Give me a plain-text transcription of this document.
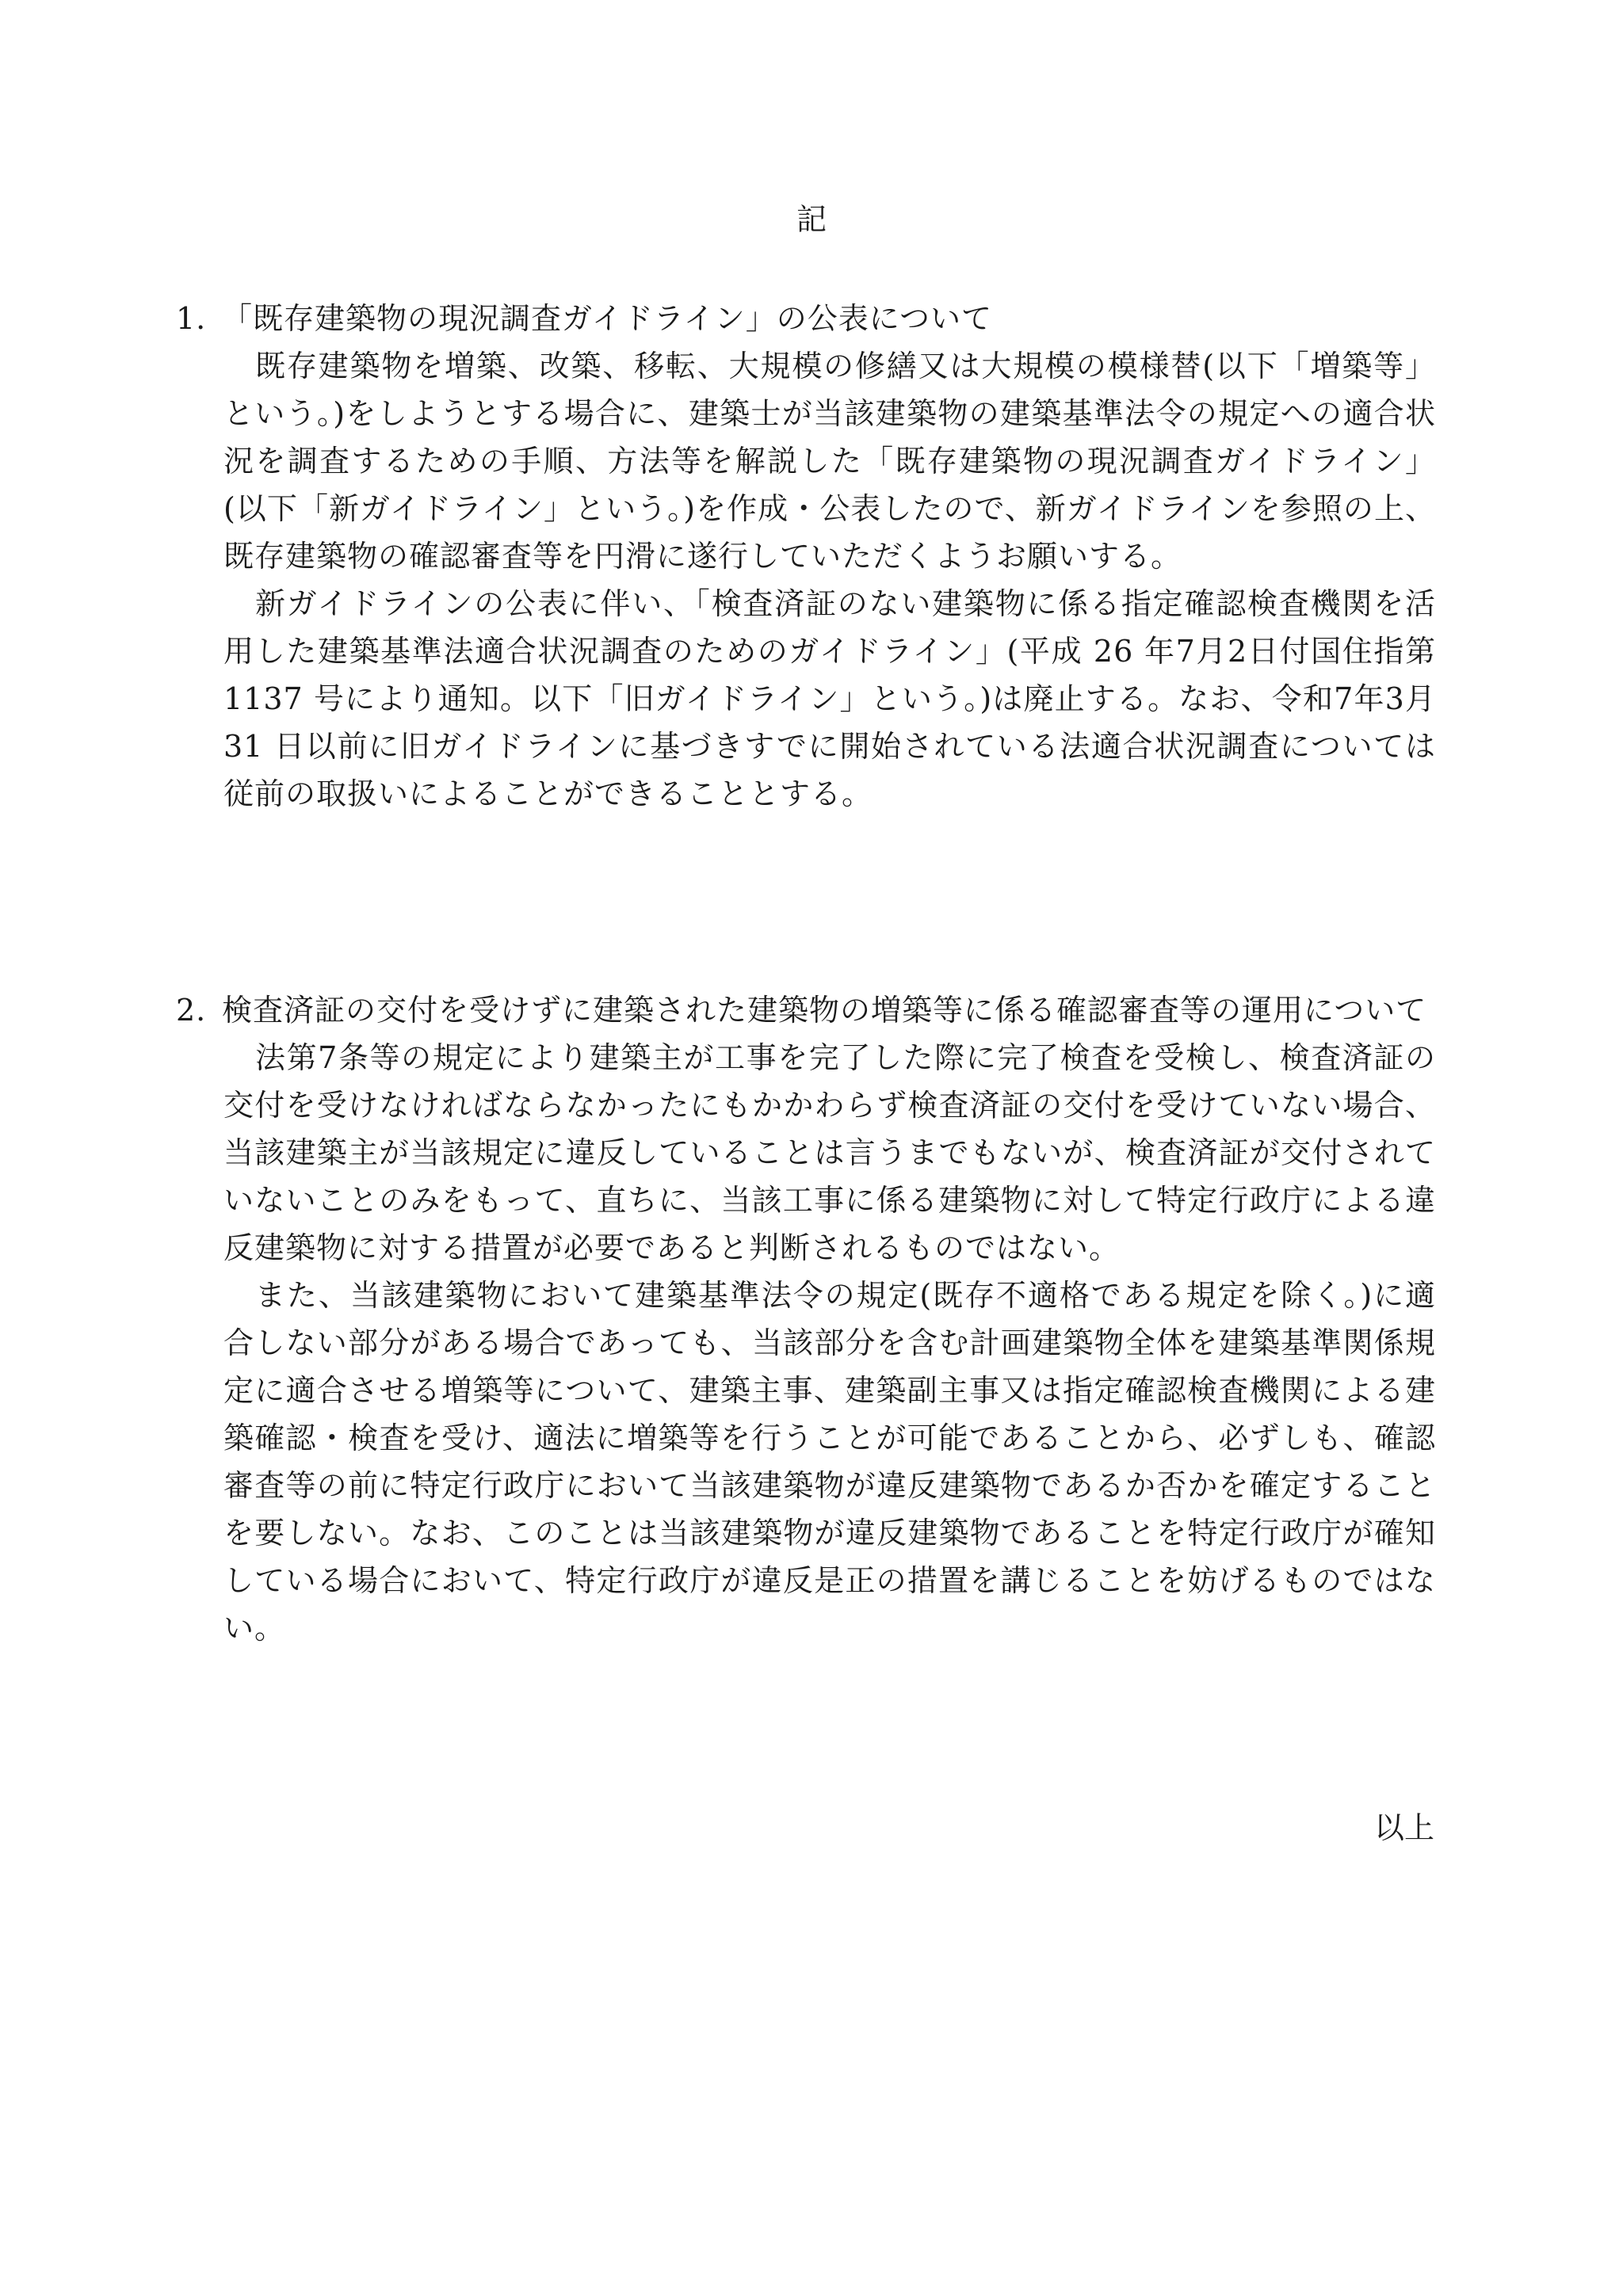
記
1. 「既存建築物の現況調査ガイドライン」の公表について

既存建築物を増築、改築、移転、大規模の修繕又は大規模の模様替(以下「増築等」という。)をしようとする場合に、建築士が当該建築物の建築基準法令の規定への適合状況を調査するための手順、方法等を解説した「既存建築物の現況調査ガイドライン」(以下「新ガイドライン」という。)を作成・公表したので、新ガイドラインを参照の上、既存建築物の確認審査等を円滑に遂行していただくようお願いする。

新ガイドラインの公表に伴い、「検査済証のない建築物に係る指定確認検査機関を活用した建築基準法適合状況調査のためのガイドライン」(平成 26 年7月2日付国住指第 1137 号により通知。以下「旧ガイドライン」という。)は廃止する。なお、令和7年3月 31 日以前に旧ガイドラインに基づきすでに開始されている法適合状況調査については従前の取扱いによることができることとする。

2. 検査済証の交付を受けずに建築された建築物の増築等に係る確認審査等の運用について

法第7条等の規定により建築主が工事を完了した際に完了検査を受検し、検査済証の交付を受けなければならなかったにもかかわらず検査済証の交付を受けていない場合、当該建築主が当該規定に違反していることは言うまでもないが、検査済証が交付されていないことのみをもって、直ちに、当該工事に係る建築物に対して特定行政庁による違反建築物に対する措置が必要であると判断されるものではない。

また、当該建築物において建築基準法令の規定(既存不適格である規定を除く。)に適合しない部分がある場合であっても、当該部分を含む計画建築物全体を建築基準関係規定に適合させる増築等について、建築主事、建築副主事又は指定確認検査機関による建築確認・検査を受け、適法に増築等を行うことが可能であることから、必ずしも、確認審査等の前に特定行政庁において当該建築物が違反建築物であるか否かを確定することを要しない。なお、このことは当該建築物が違反建築物であることを特定行政庁が確知している場合において、特定行政庁が違反是正の措置を講じることを妨げるものではない。

以上
